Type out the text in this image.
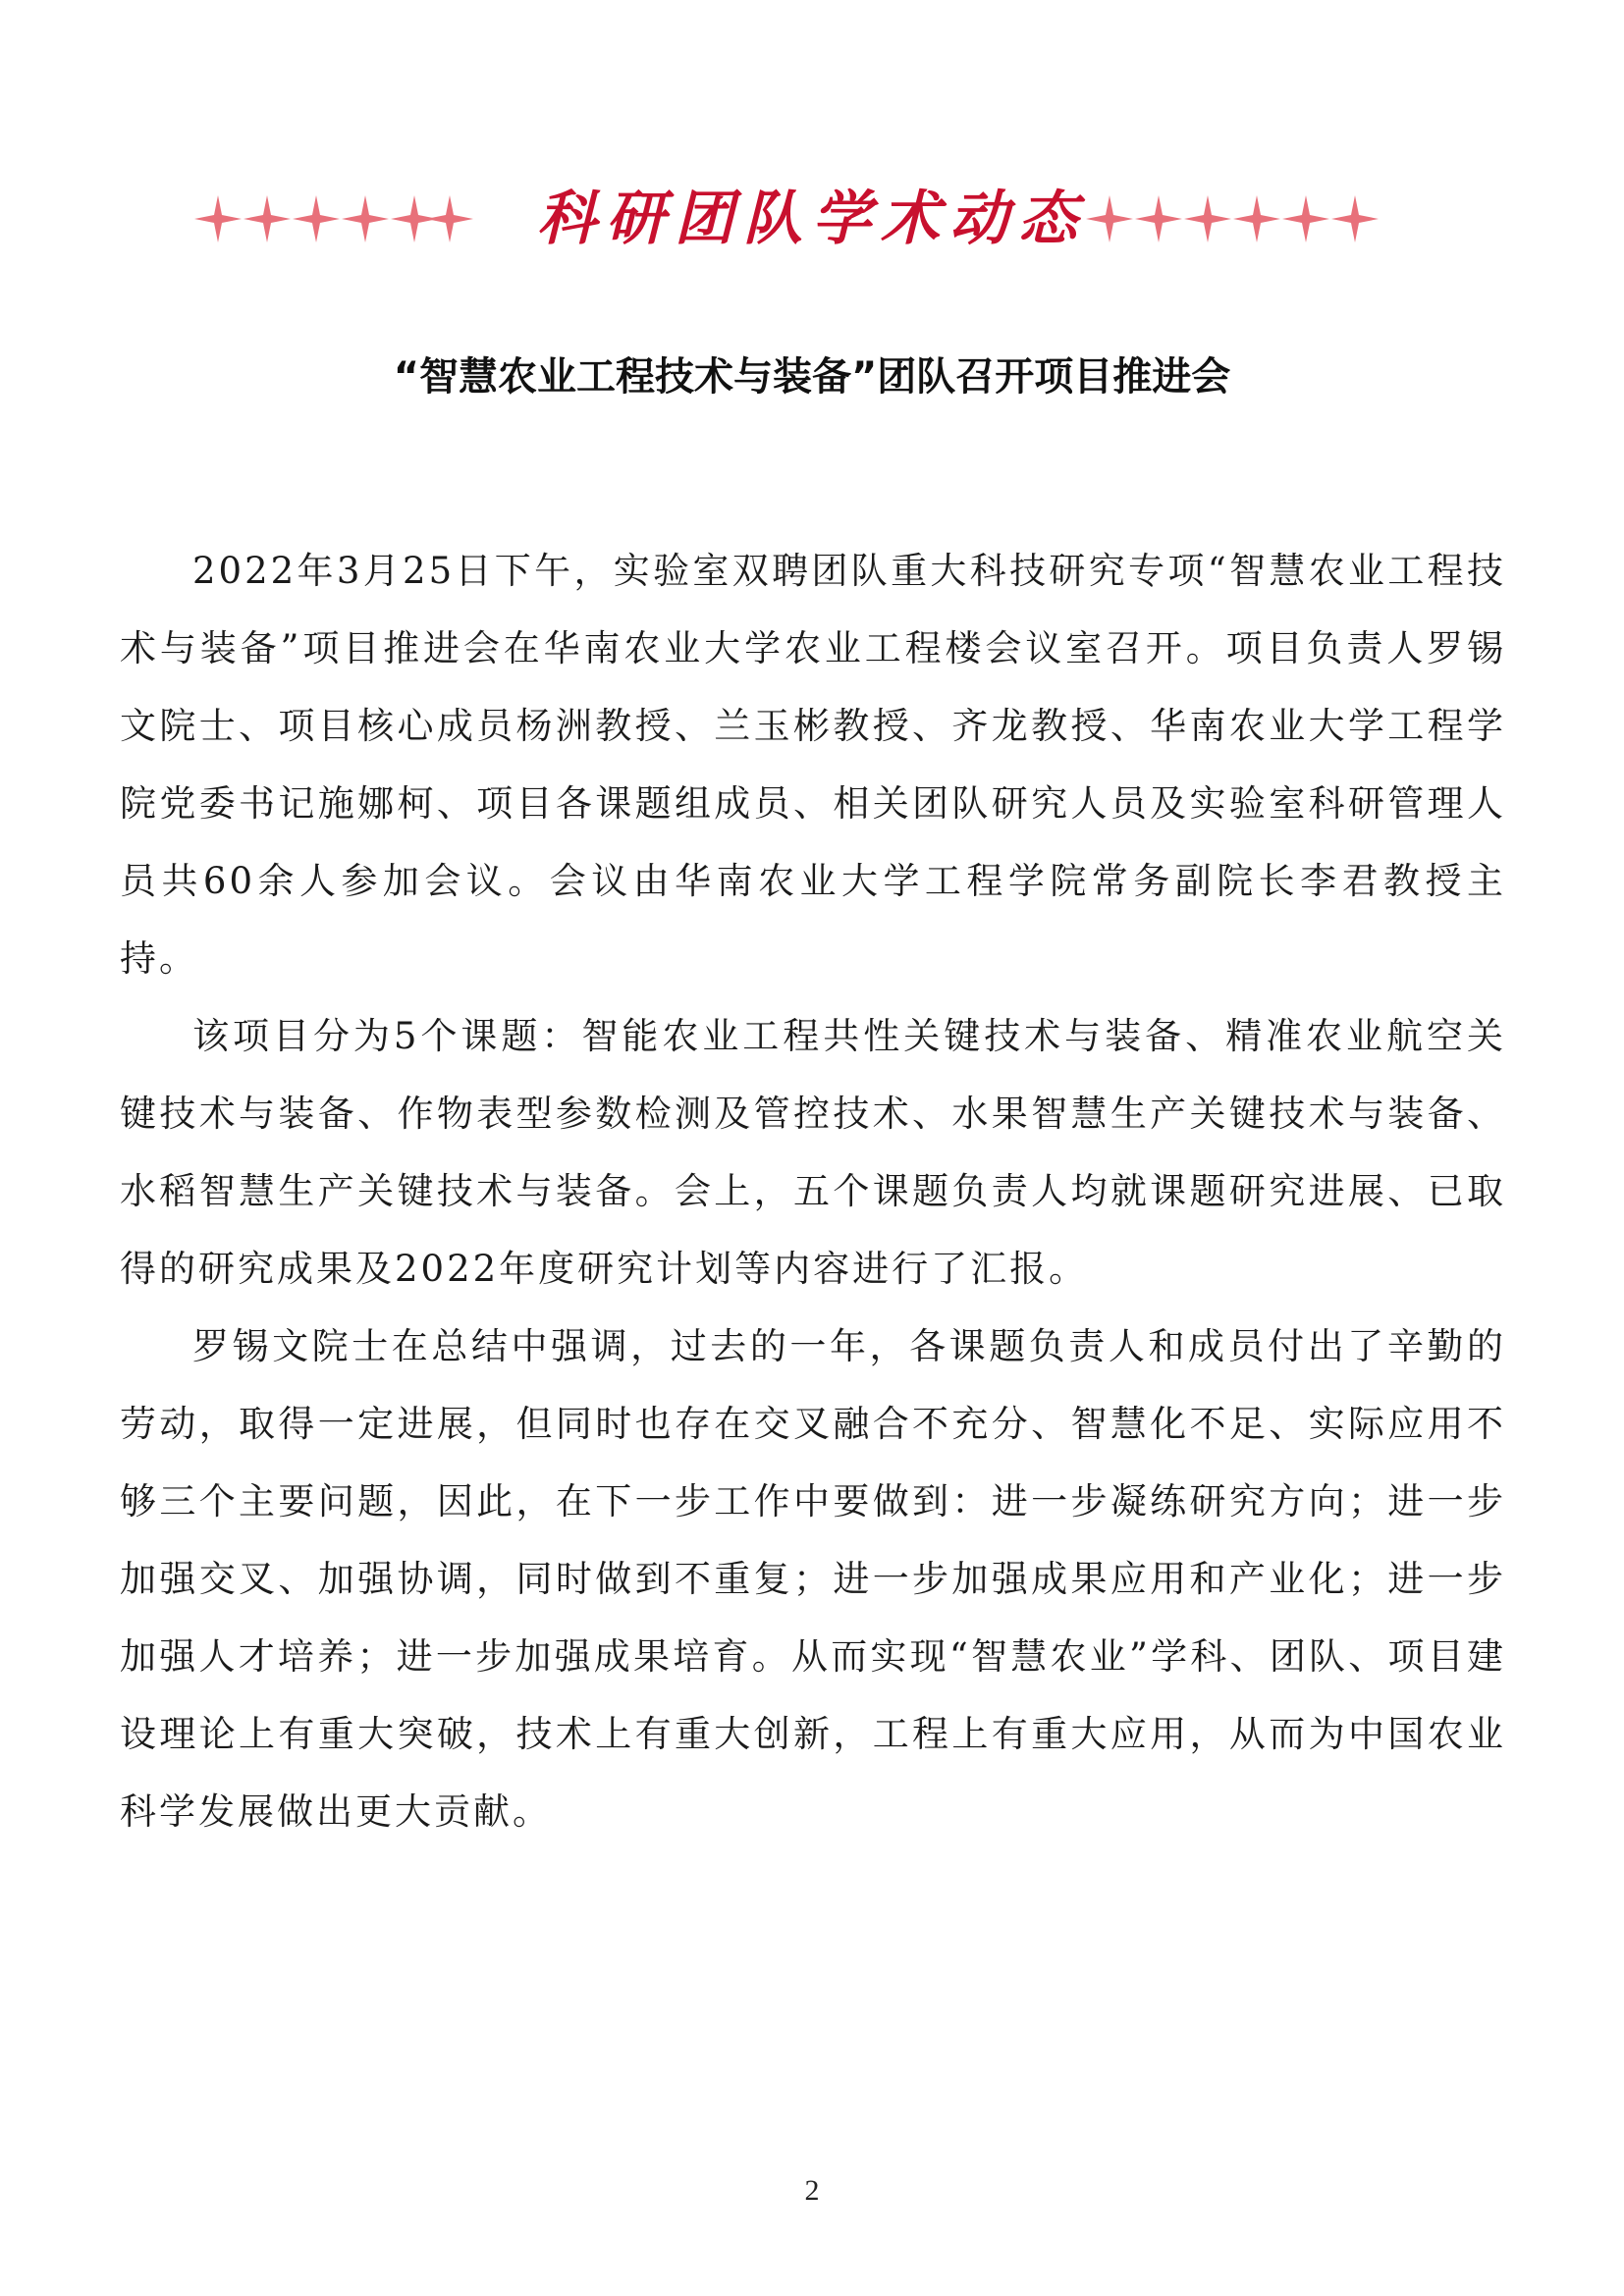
科研团队学术动态
“智慧农业工程技术与装备”团队召开项目推进会

2022年3月25日下午，实验室双聘团队重大科技研究专项“智慧农业工程技术与装备”项目推进会在华南农业大学农业工程楼会议室召开。项目负责人罗锡文院士、项目核心成员杨洲教授、兰玉彬教授、齐龙教授、华南农业大学工程学院党委书记施娜柯、项目各课题组成员、相关团队研究人员及实验室科研管理人员共60余人参加会议。会议由华南农业大学工程学院常务副院长李君教授主持。

该项目分为5个课题：智能农业工程共性关键技术与装备、精准农业航空关键技术与装备、作物表型参数检测及管控技术、水果智慧生产关键技术与装备、水稻智慧生产关键技术与装备。会上，五个课题负责人均就课题研究进展、已取得的研究成果及2022年度研究计划等内容进行了汇报。

罗锡文院士在总结中强调，过去的一年，各课题负责人和成员付出了辛勤的劳动，取得一定进展，但同时也存在交叉融合不充分、智慧化不足、实际应用不够三个主要问题，因此，在下一步工作中要做到：进一步凝练研究方向；进一步加强交叉、加强协调，同时做到不重复；进一步加强成果应用和产业化；进一步加强人才培养；进一步加强成果培育。从而实现“智慧农业”学科、团队、项目建设理论上有重大突破，技术上有重大创新，工程上有重大应用，从而为中国农业科学发展做出更大贡献。

2
